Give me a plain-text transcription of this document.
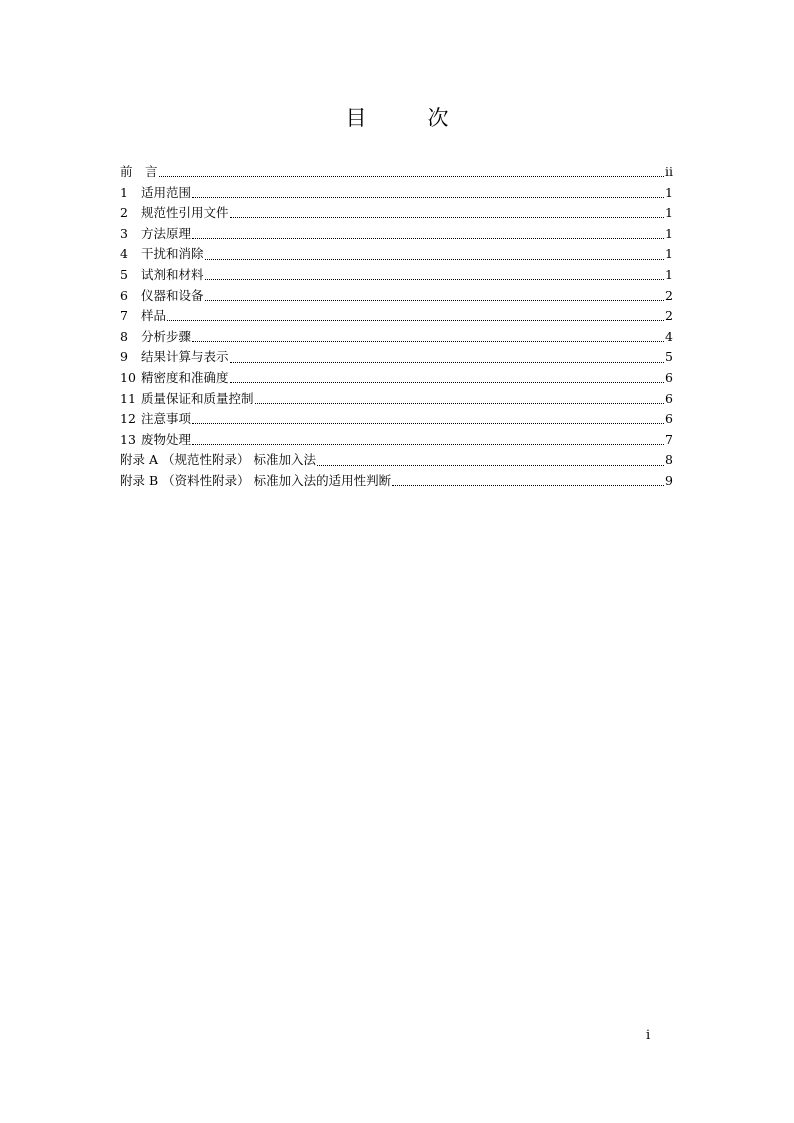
目　次
前　言	ii
1	适用范围	1
2	规范性引用文件	1
3	方法原理	1
4	干扰和消除	1
5	试剂和材料	1
6	仪器和设备	2
7	样品	2
8	分析步骤	4
9	结果计算与表示	5
10 精密度和准确度	6
11 质量保证和质量控制	6
12 注意事项	6
13 废物处理	7
附录 A （规范性附录） 标准加入法	8
附录 B （资料性附录） 标准加入法的适用性判断	9
i
